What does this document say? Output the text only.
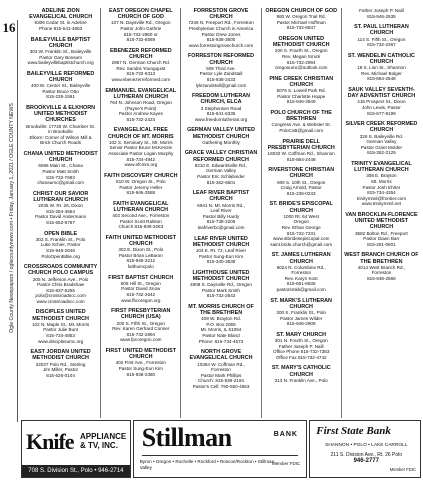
16
Ogle County Newspapers / oglecountynews.com • Friday, January 1, 2021 / OGLE COUNTY NEWS
ADELINE ZION EVANGELICAL CHURCH
9306 Cedar St. in Adeline
Phone 815-541-4863
BAILEYVILLE BAPTIST CHURCH
303 W. Franklin St., Baileyville
Pastor Gary Bonsam
www.baileyvillebaptistchurch.org
BAILEYVILLE REFORMED CHURCH
400 W. Center St., Baileyville
Pastor Bruce Otto
815-235-1591
BROOKVILLE & ELKHORN UNITED METHODIST CHURCHES
Brookville: 17725 W. Chamber St.
in Brookville
Elkorn: Corner of Wilson Mill &
Brick Church Roads
CHANA UNITED METHODIST CHURCH
6066 Main St., Chana
Pastor Matt Smith
815-732-7683
chanaumc@gmail.com
CHRIST OUR SAVIOR LUTHERAN CHURCH
2035 W. Rt. 26, Dixon
815-284-4554
Pastor David Andermann
815-652-6767
OPEN BIBLE
302 S. Franklin St., Polo
Luke Schier, Pastor
815-946-2848
PoloOpenBible.org
CROSSROADS COMMUNITY CHURCH POLO CAMPUS
205 N. Jefferson Ave., Polo
Pastor Chris Bradshaw
815-837-5255
polo@crossroadscc.com
www.crossroadscc.com
DISCIPLES UNITED METHODIST CHURCH
102 N. Maple St., Mt. Morris
Pastor Julie Bunt
815-734-4853
www.disciplesumc.org
EAST JORDAN UNITED METHODIST CHURCH
22027 Polo Rd., Sterling
Jim Miller, Pastor
815-626-0104
EAST OREGON CHAPEL CHURCH OF GOD
107 N. Daysville Rd., Oregon
Pastor John Guthrie
815-732-2960 or
815-732-6569
EBENEZER REFORMED CHURCH
2957 N. German Church Rd.
Rev. Sandra Youngquist
815-732-6313
www.ebenezerreformed.com
EMMANUEL EVANGELICAL LUTHERAN CHURCH
764 N. Johnson Road, Oregon
(Payne's Point)
Pastor Andrew Kayes
815-732-2424
EVANGELICAL FREE CHURCH OF MT. MORRIS
102 S. Seminary St., Mt. Morris
Senior Pastor Bruce McKenzie
Associate Pastor Logan Murphy
815-734-4942
www.efcmm.org
FAITH DISCOVERY CHURCH
810 W. Oregon St., Polo
Pastor Jeremy Heller
815-946-3588
FAITH EVANGELICAL LUTHERAN CHURCH
402 Second Ave., Forreston
Pastor Scott Ralston
Church 815-938-3263
FAITH UNITED METHODIST CHURCH
302 E. Dixon St., Polo
Pastor Brian LeBaron
815-946-3212
faithumcpolo
FIRST BAPTIST CHURCH
505 Hill St., Oregon
Pastor David Snow
815-732-2642
www.fbcoregon.org
FIRST PRESBYTERIAN CHURCH (USA)
200 S. Fifth St., Oregon
Rev. Karen Gerhard Conner
815-732-2894
www.fpcoregon.com
FIRST UNITED METHODIST CHURCH
402 First Ave., Forreston
Pastor Sung-Eun Kim
815-938-2380
FORRESTON GROVE CHURCH
7246 N. Freeport Rd., Forreston
Presbyterian Church in America
Pastor Drew Jones
815-938-3600
www.forrestongrovechurch.com
FORRESTON REFORMED CHURCH
505 Third Ave.
Pastor Lyle Zandstall
815-938-2433
lylezandstall@gmail.com
FREEDOM LUTHERAN CHURCH, ELCA
3 Stephenson Road
815-641-6335
www.freedomlutheran.org
GERMAN VALLEY UNITED METHODIST CHURCH
Gathering Monthly
GRACE VALLEY CHRISTIAN REFORMED CHURCH
8210 E. Edwardsville Rd.,
German Valley
Pastor Eric Schlabvider
815-362-6601
LEAF RIVER BAPTIST CHURCH
6941 N. Mt. Morris Rd.,
Leaf River
Pastor Billy Hardy
815-738-2205
leafriverbc@gmail.com
LEAF RIVER UNITED METHODIST CHURCH
104 E. Rt. 72, Leaf River
Pastor Sung-Eun Kim
815-340-3538
LIGHTHOUSE UNITED METHODIST CHURCH
4908 S. Daysville Rd., Oregon
Pastor Mark Smith
815-732-2642
MT. MORRIS CHURCH OF THE BRETHREN
409 W. Brayton Rd.
P.O. Box 2055
Mt. Morris, IL 61054
Pastor Nate Bland
Phone: 815-734-4573
NORTH GROVE EVANGELICAL CHURCH
10384 W. Coffman Rd.,
Forreston
Pastor Mark Phillips
Church: 815-938-2194
Pastor's Cell: 760-550-4563
OREGON CHURCH OF GOD
860 W. Oregon Trail Rd.
Pastor Michael Hoffman
815-732-6847
OREGON UNITED METHODIST CHURCH
200 S. Fourth St., Oregon
Rev. Megan Smick
815-732-2994
oregonumc@outlook.com
PINE CREEK CHRISTIAN CHURCH
5076 S. Lowell Park Rd.
Pastor Charlotte Hoppe
815-946-3949
POLO CHURCH OF THE BRETHREN
Congress Ave. & Webster St.
PoloCoB@gmail.com
PRAIRIE DELL PRESBYTERIAN CHURCH
16032 W. Coffman Rd., Shannon
815-864-2448
RIVERSTONE CHRISTIAN CHURCH
609 S. 10th St., Oregon
Craig Arnold, Pastor
815-236-0233
ST. BRIDE'S EPISCOPAL CHURCH
1000 Rt. 64 West
Oregon
Rev. Ethan George
815-732-7231
www.stbridesepiscopal.com
saint.bride.church@gmail.com
ST. JAMES LUTHERAN CHURCH
6024 N. Columbine Rd.,
Forreston
Rev. Karyn Kost
815-661-6835
pastorsmkk@gmail.com
ST. MARK'S LUTHERAN CHURCH
200 S. Franklin St., Polo
Pastor James Wilder
815-946-2909
ST. MARY CHURCH
301 N. Fourth St., Oregon
Father Joseph P. Naill
Office Phone 815-732-7383
Office Fax 815-732-4742
ST. MARY'S CATHOLIC CHURCH
213 N. Franklin Ave., Polo
Father Joseph P. Naill
815-946-2535
ST. PAUL LUTHERAN CHURCH
114 S. Fifth St., Oregon
815-732-2367
ST. WENDELIN CATHOLIC CHURCH
18 S. Linn St., Shannon
Rev. Michael Bolger
815-864-2548
SAUK VALLEY SEVENTH-DAY ADVENTIST CHURCH
416 Prospect St., Dixon
John Lewis, Pastor
815-677-9199
SILVER CREEK REFORMED CHURCH
326 S. Baileyville Rd.
German Valley
Pastor Grant Molder
815-362-2129
TRINITY EVANGELICAL LUTHERAN CHURCH
308 E. Brayton
Mt. Morris
Pastor Josh Ehrler
815-734-4354
trinitymmil@frontier.com
www.trinitymmil.net
VAN BROCKLIN-FLORENCE UNITED METHODIST CHURCH
3582 Bolton Rd., Freeport
Pastor Dawn Barr
815-291-0601
WEST BRANCH CHURCH OF THE BRETHREN
4014 West Branch Rd.,
Forreston
815-938-2566
Knife APPLIANCE
& TV, INC.
708 S. Division St., Polo • 946-2714
Stillman	BANK
Byron • Oregon • Rochelle • Rockford • Roscoe/Rockton • Stillman Valley
Member FDIC
First State Bank
SHANNON • POLO • LAKE CARROLL
211 S. Division Ave., Rt. 26 Polo
946-2777
Member FDIC
